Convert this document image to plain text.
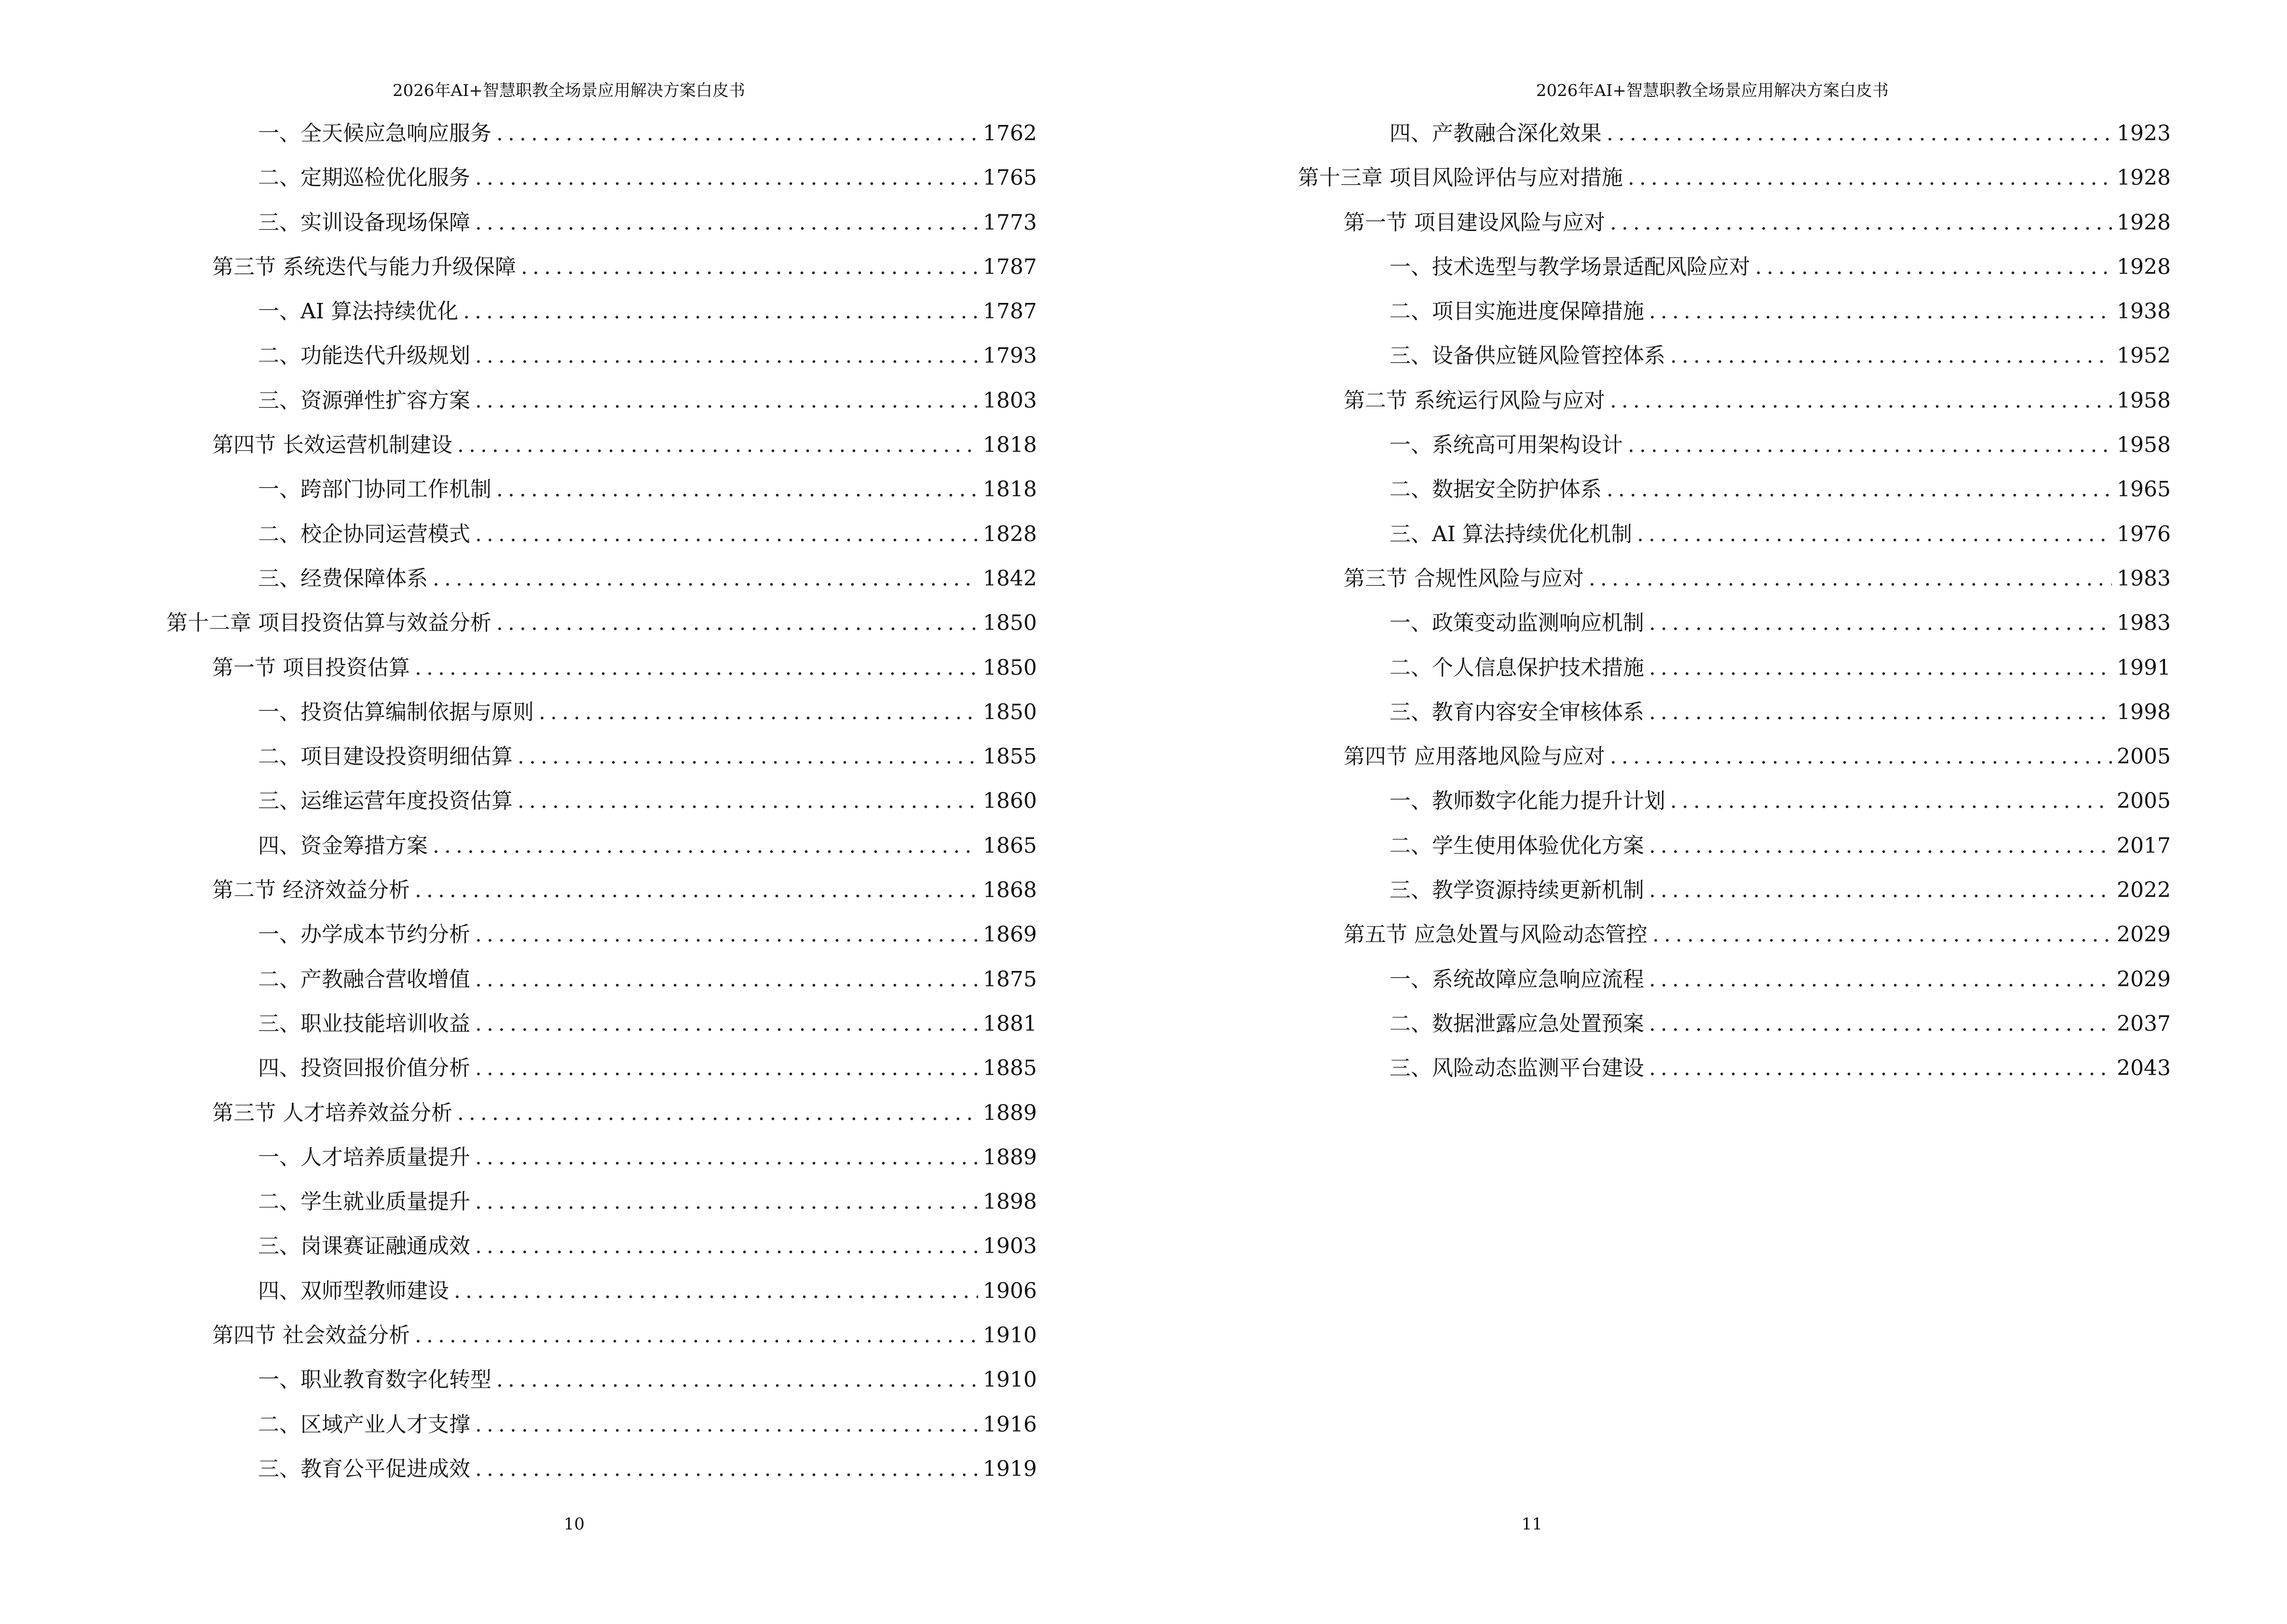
2026年AI+智慧职教全场景应用解决方案白皮书
一、全天候应急响应服务 .....	1762
二、定期巡检优化服务 .....	1765
三、实训设备现场保障 .....	1773
第三节 系统迭代与能力升级保障 .....	1787
一、AI 算法持续优化 .....	1787
二、功能迭代升级规划 .....	1793
三、资源弹性扩容方案 .....	1803
第四节 长效运营机制建设 .....	1818
一、跨部门协同工作机制 .....	1818
二、校企协同运营模式 .....	1828
三、经费保障体系 .....	1842
第十二章 项目投资估算与效益分析 .....	1850
第一节 项目投资估算 .....	1850
一、投资估算编制依据与原则 .....	1850
二、项目建设投资明细估算 .....	1855
三、运维运营年度投资估算 .....	1860
四、资金筹措方案 .....	1865
第二节 经济效益分析 .....	1868
一、办学成本节约分析 .....	1869
二、产教融合营收增值 .....	1875
三、职业技能培训收益 .....	1881
四、投资回报价值分析 .....	1885
第三节 人才培养效益分析 .....	1889
一、人才培养质量提升 .....	1889
二、学生就业质量提升 .....	1898
三、岗课赛证融通成效 .....	1903
四、双师型教师建设 .....	1906
第四节 社会效益分析 .....	1910
一、职业教育数字化转型 .....	1910
二、区域产业人才支撑 .....	1916
三、教育公平促进成效 .....	1919
10
2026年AI+智慧职教全场景应用解决方案白皮书
四、产教融合深化效果 .....	1923
第十三章 项目风险评估与应对措施 .....	1928
第一节 项目建设风险与应对 .....	1928
一、技术选型与教学场景适配风险应对 .....	1928
二、项目实施进度保障措施 .....	1938
三、设备供应链风险管控体系 .....	1952
第二节 系统运行风险与应对 .....	1958
一、系统高可用架构设计 .....	1958
二、数据安全防护体系 .....	1965
三、AI 算法持续优化机制 .....	1976
第三节 合规性风险与应对 .....	1983
一、政策变动监测响应机制 .....	1983
二、个人信息保护技术措施 .....	1991
三、教育内容安全审核体系 .....	1998
第四节 应用落地风险与应对 .....	2005
一、教师数字化能力提升计划 .....	2005
二、学生使用体验优化方案 .....	2017
三、教学资源持续更新机制 .....	2022
第五节 应急处置与风险动态管控 .....	2029
一、系统故障应急响应流程 .....	2029
二、数据泄露应急处置预案 .....	2037
三、风险动态监测平台建设 .....	2043
11
